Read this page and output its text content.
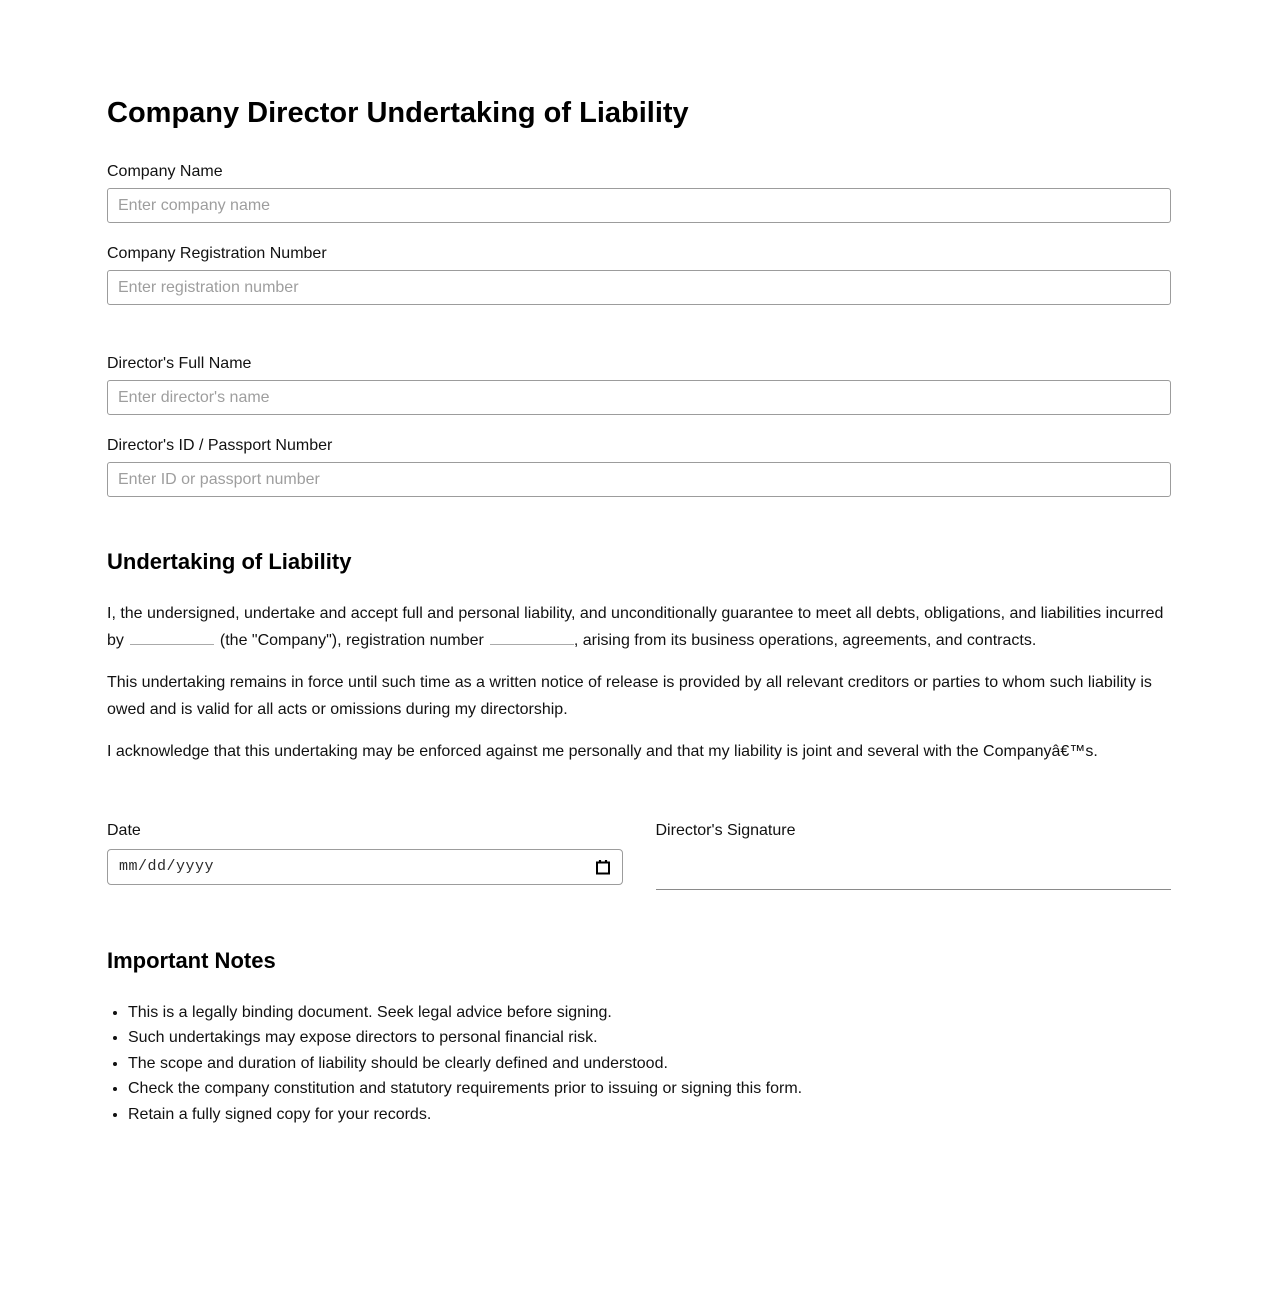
Company Director Undertaking of Liability
Company Name
Enter company name
Company Registration Number
Enter registration number
Director's Full Name
Enter director's name
Director's ID / Passport Number
Enter ID or passport number
Undertaking of Liability

I, the undersigned, undertake and accept full and personal liability, and unconditionally guarantee to meet all debts, obligations, and liabilities incurred by	(the "Company"), registration number	, arising from its business operations, agreements, and contracts.

This undertaking remains in force until such time as a written notice of release is provided by all relevant creditors or parties to whom such liability is owed and is valid for all acts or omissions during my directorship.

I acknowledge that this undertaking may be enforced against me personally and that my liability is joint and several with the Companyâ€™s.

Date
mm/dd/yyyy
Director's Signature
Important Notes
• This is a legally binding document. Seek legal advice before signing.
• Such undertakings may expose directors to personal financial risk.
• The scope and duration of liability should be clearly defined and understood.
• Check the company constitution and statutory requirements prior to issuing or signing this form.
• Retain a fully signed copy for your records.
